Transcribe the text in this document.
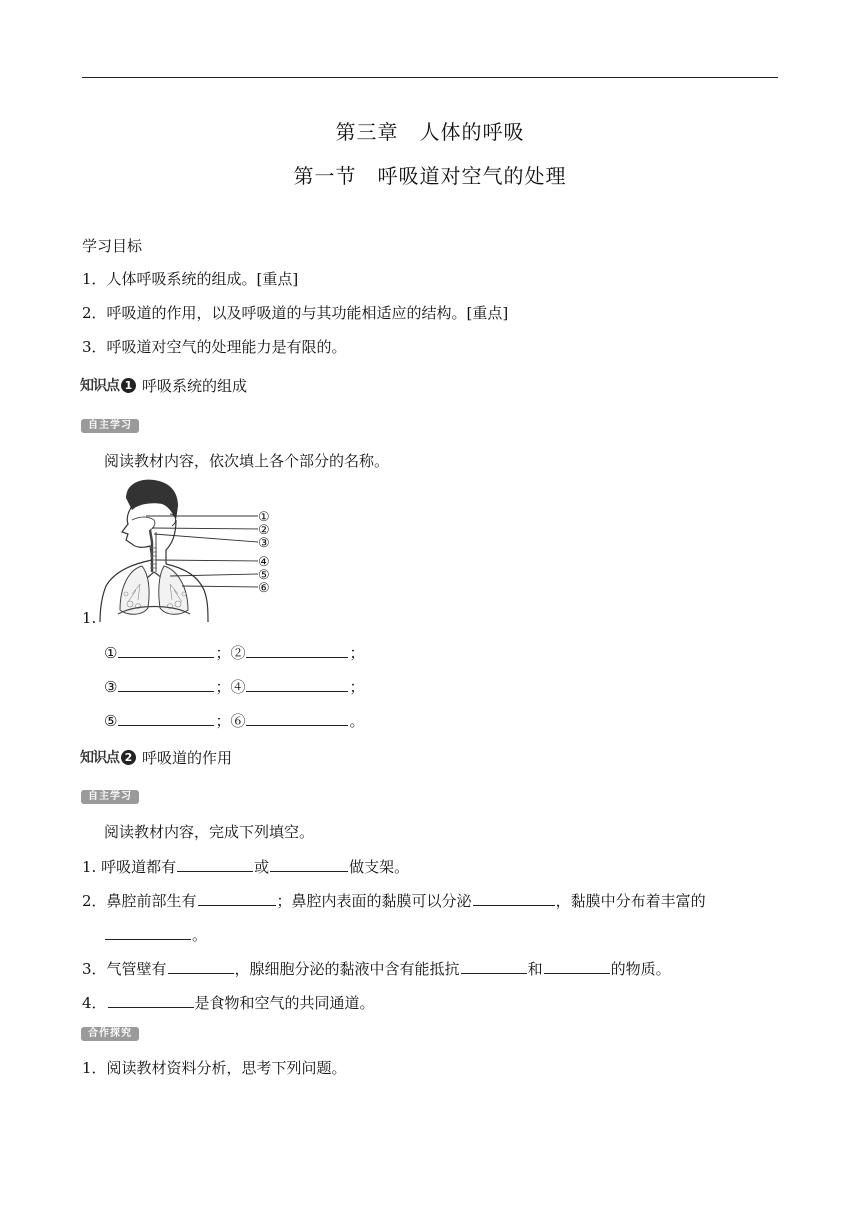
第三章　人体的呼吸
第一节　呼吸道对空气的处理
学习目标
1．人体呼吸系统的组成。[重点]
2．呼吸道的作用，以及呼吸道的与其功能相适应的结构。[重点]
3．呼吸道对空气的处理能力是有限的。
知识点 1 呼吸系统的组成
自主学习
阅读教材内容，依次填上各个部分的名称。
①
②
③
④
⑤
⑥
1.
①	；②	；
③	；④	；
⑤	；⑥	。
知识点 2 呼吸道的作用
自主学习
阅读教材内容，完成下列填空。
1. 呼吸道都有	或	做支架。
2．鼻腔前部生有	；鼻腔内表面的黏膜可以分泌	，黏膜中分布着丰富的
。
3．气管壁有	，腺细胞分泌的黏液中含有能抵抗	和	的物质。
4．	是食物和空气的共同通道。
合作探究
1．阅读教材资料分析，思考下列问题。
